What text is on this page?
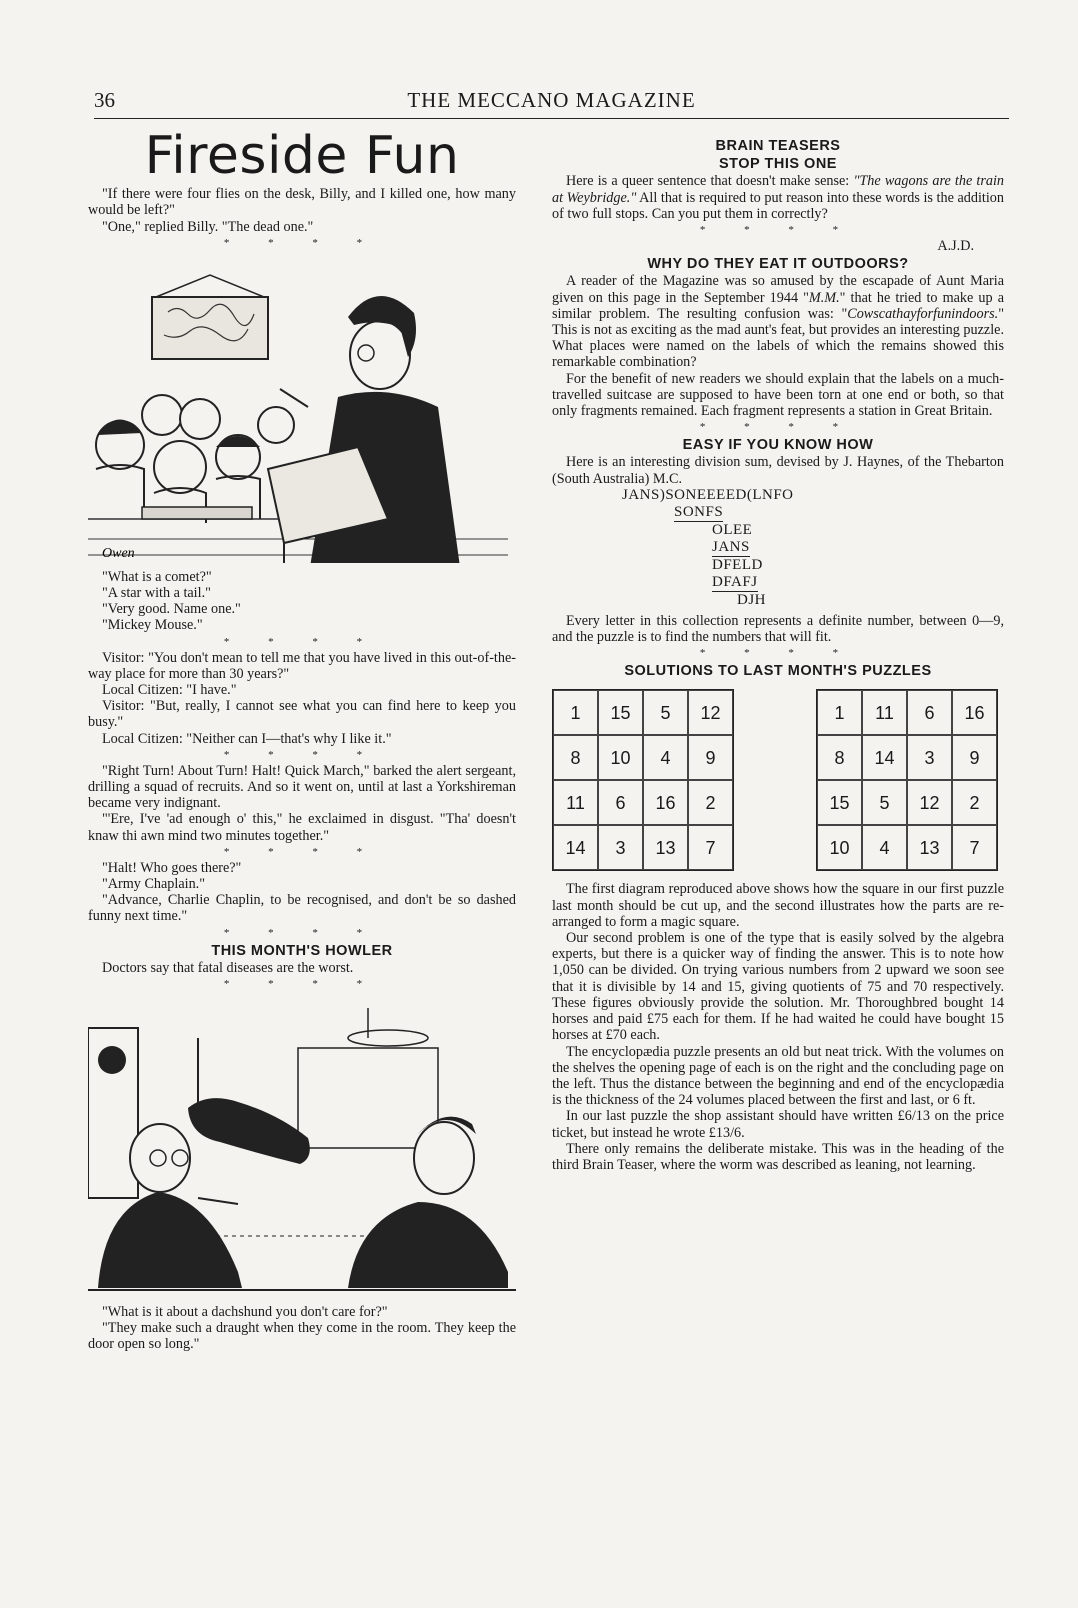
36	THE MECCANO MAGAZINE
Fireside Fun

"If there were four flies on the desk, Billy, and I killed one, how many would be left?"

"One," replied Billy. "The dead one."

* * * *
Owen

"What is a comet?"

"A star with a tail."

"Very good. Name one."

"Mickey Mouse."

* * * *

Visitor: "You don't mean to tell me that you have lived in this out-of-the-way place for more than 30 years?"

Local Citizen: "I have."

Visitor: "But, really, I cannot see what you can find here to keep you busy."

Local Citizen: "Neither can I—that's why I like it."

* * * *

"Right Turn! About Turn! Halt! Quick March," barked the alert sergeant, drilling a squad of recruits. And so it went on, until at last a Yorkshireman became very indignant.

"'Ere, I've 'ad enough o' this," he exclaimed in disgust. "Tha' doesn't knaw thi awn mind two minutes together."

* * * *

"Halt! Who goes there?"

"Army Chaplain."

"Advance, Charlie Chaplin, to be recognised, and don't be so dashed funny next time."

* * * *
THIS MONTH'S HOWLER

Doctors say that fatal diseases are the worst.

* * * *

"What is it about a dachshund you don't care for?"

"They make such a draught when they come in the room. They keep the door open so long."

BRAIN TEASERS
STOP THIS ONE

Here is a queer sentence that doesn't make sense: "The wagons are the train at Weybridge." All that is required to put reason into these words is the addition of two full stops. Can you put them in correctly?

* * * *

A.J.D.

WHY DO THEY EAT IT OUTDOORS?

A reader of the Magazine was so amused by the escapade of Aunt Maria given on this page in the September 1944 "M.M." that he tried to make up a similar problem. The resulting confusion was: "Cowscathayforfunindoors." This is not as exciting as the mad aunt's feat, but provides an interesting puzzle. What places were named on the labels of which the remains showed this remarkable combination?

For the benefit of new readers we should explain that the labels on a much-travelled suitcase are supposed to have been torn at one end or both, so that only fragments remained. Each fragment represents a station in Great Britain.

* * * *
EASY IF YOU KNOW HOW

Here is an interesting division sum, devised by J. Haynes, of the Thebarton (South Australia) M.C.

JANS)SONEEEED(LNFO
SONFS
OLEE
JANS
DFELD
DFAFJ
DJH

Every letter in this collection represents a definite number, between 0—9, and the puzzle is to find the numbers that will fit.

* * * *
SOLUTIONS TO LAST MONTH'S PUZZLES
1	15	5	12
8	10	4	9
11	6	16	2
14	3	13	7
1	11	6	16
8	14	3	9
15	5	12	2
10	4	13	7

The first diagram reproduced above shows how the square in our first puzzle last month should be cut up, and the second illustrates how the parts are re-arranged to form a magic square.

Our second problem is one of the type that is easily solved by the algebra experts, but there is a quicker way of finding the answer. This is to note how 1,050 can be divided. On trying various numbers from 2 upward we soon see that it is divisible by 14 and 15, giving quotients of 75 and 70 respectively. These figures obviously provide the solution. Mr. Thoroughbred bought 14 horses and paid £75 each for them. If he had waited he could have bought 15 horses at £70 each.

The encyclopædia puzzle presents an old but neat trick. With the volumes on the shelves the opening page of each is on the right and the concluding page on the left. Thus the distance between the beginning and end of the encyclopædia is the thickness of the 24 volumes placed between the first and last, or 6 ft.

In our last puzzle the shop assistant should have written £6/13 on the price ticket, but instead he wrote £13/6.

There only remains the deliberate mistake. This was in the heading of the third Brain Teaser, where the worm was described as leaning, not learning.
